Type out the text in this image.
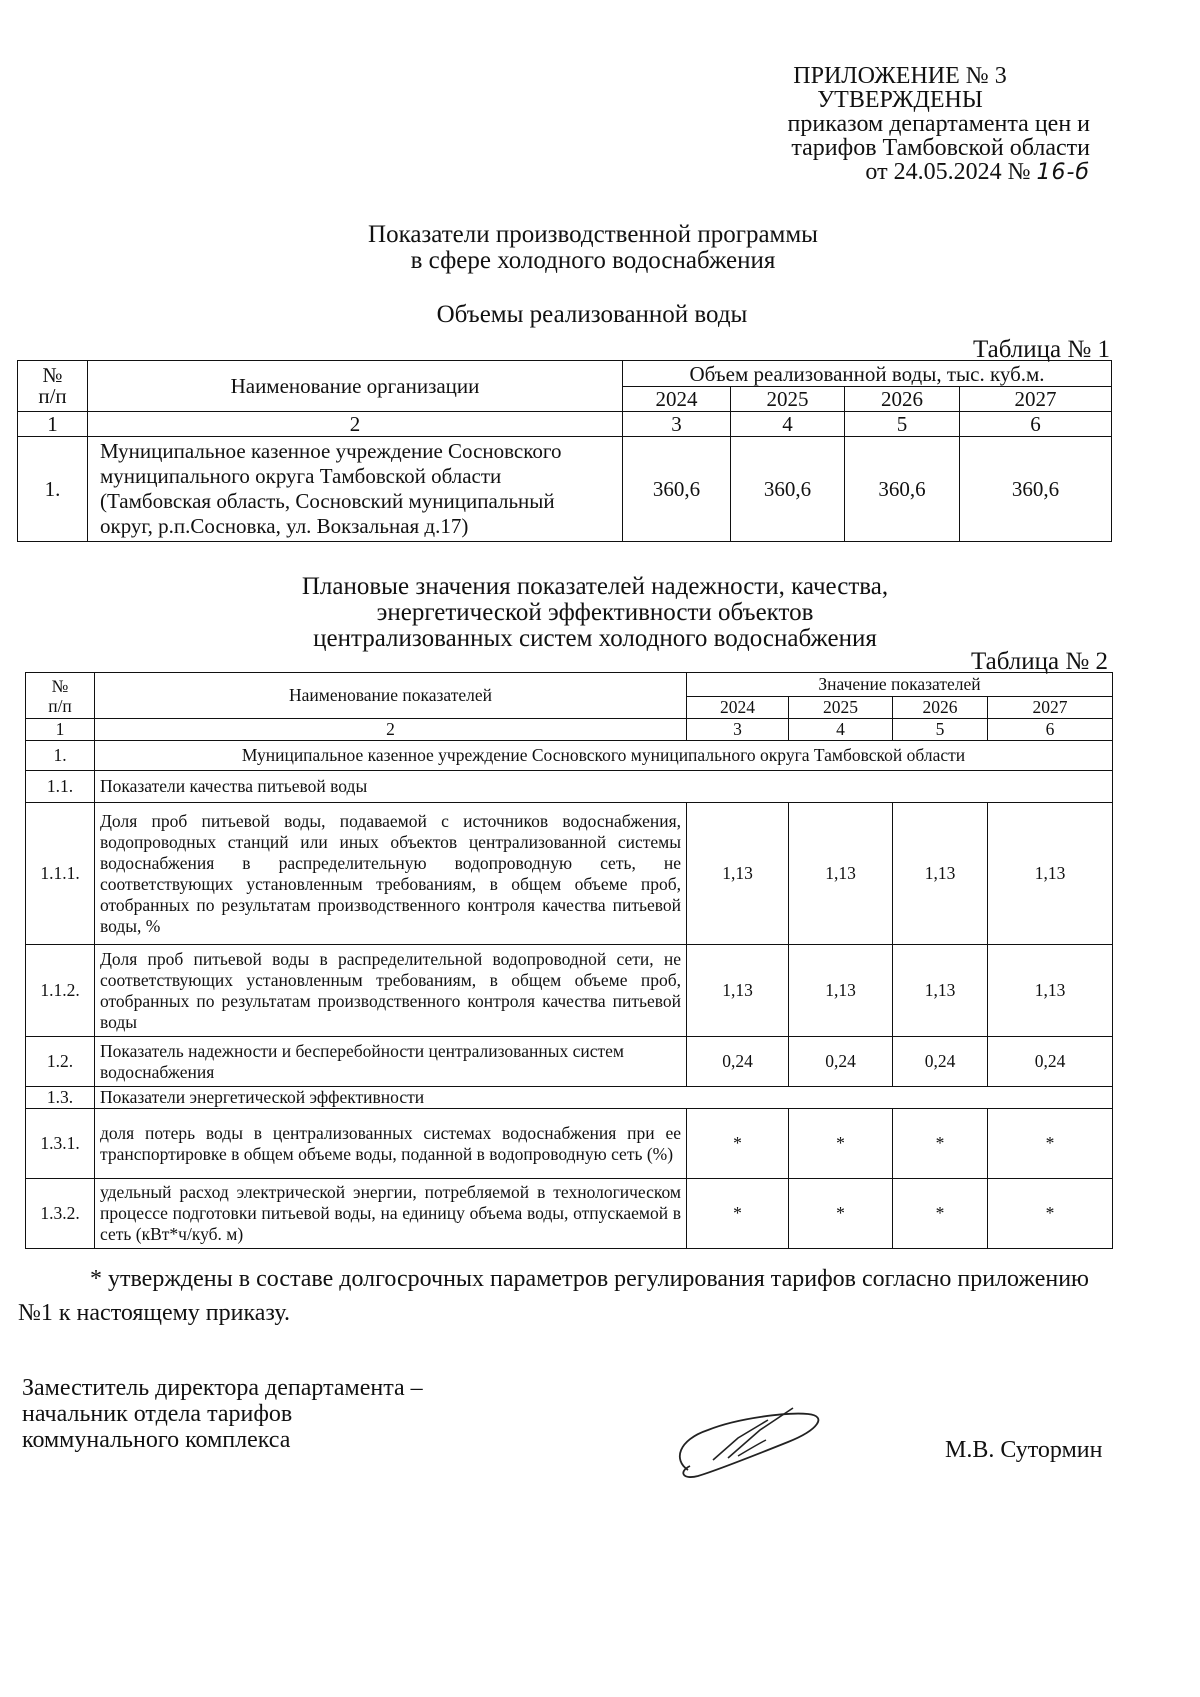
ПРИЛОЖЕНИЕ № 3
УТВЕРЖДЕНЫ
приказом департамента цен и
тарифов Тамбовской области
от 24.05.2024 № 16-б
Показатели производственной программы
в сфере холодного водоснабжения
Объемы реализованной воды
Таблица № 1
№
п/п	Наименование организации	Объем реализованной воды, тыс. куб.м.			
		2024	2025	2026	2027
1	2	3	4	5	6
1.	Муниципальное казенное учреждение Сосновского муниципального округа Тамбовской области (Тамбовская область, Сосновский муниципальный округ, р.п.Сосновка, ул. Вокзальная д.17)	360,6	360,6	360,6	360,6
Плановые значения показателей надежности, качества,
энергетической эффективности объектов
централизованных систем холодного водоснабжения
Таблица № 2
№
п/п	Наименование показателей	Значение показателей			
		2024	2025	2026	2027
1	2	3	4	5	6
1.	Муниципальное казенное учреждение Сосновского муниципального округа Тамбовской области				
1.1.	Показатели качества питьевой воды				
1.1.1.	Доля проб питьевой воды, подаваемой с источников водоснабжения, водопроводных станций или иных объектов централизованной системы водоснабжения в распределительную водопроводную сеть, не соответствующих установленным требованиям, в общем объеме проб, отобранных по результатам производственного контроля качества питьевой воды, %	1,13	1,13	1,13	1,13
1.1.2.	Доля проб питьевой воды в распределительной водопроводной сети, не соответствующих установленным требованиям, в общем объеме проб, отобранных по результатам производственного контроля качества питьевой воды	1,13	1,13	1,13	1,13
1.2.	Показатель надежности и бесперебойности централизованных систем водоснабжения	0,24	0,24	0,24	0,24
1.3.	Показатели энергетической эффективности				
1.3.1.	доля потерь воды в централизованных системах водоснабжения при ее транспортировке в общем объеме воды, поданной в водопроводную сеть (%)	*	*	*	*
1.3.2.	удельный расход электрической энергии, потребляемой в технологическом процессе подготовки питьевой воды, на единицу объема воды, отпускаемой в сеть (кВт*ч/куб. м)	*	*	*	*
* утверждены в составе долгосрочных параметров регулирования тарифов согласно приложению №1 к настоящему приказу.
Заместитель директора департамента –
начальник отдела тарифов
коммунального комплекса	М.В. Сутормин
